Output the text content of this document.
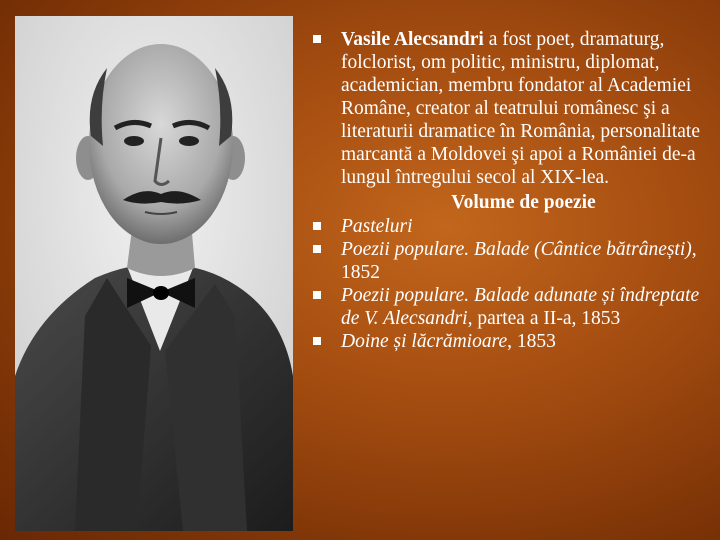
Vasile Alecsandri a fost poet, dramaturg, folclorist, om politic, ministru, diplomat, academician, membru fondator al Academiei Române, creator al teatrului românesc şi a literaturii dramatice în România, personalitate marcantă a Moldovei şi apoi a României de-a lungul întregului secol al XIX-lea.
Volume de poezie
Pasteluri
Poezii populare. Balade (Cântice bătrânești), 1852
Poezii populare. Balade adunate și îndreptate de V. Alecsandri, partea a II-a, 1853
Doine și lăcrămioare, 1853
